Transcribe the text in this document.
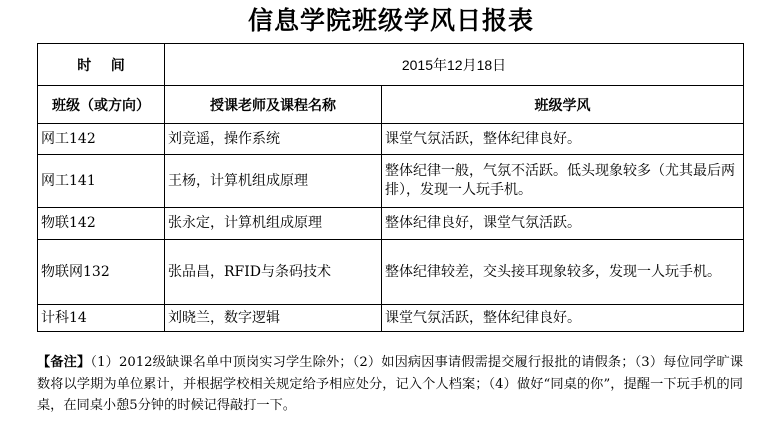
信息学院班级学风日报表
时    间	2015年12月18日	
班级（或方向）	授课老师及课程名称	班级学风
网工142	刘竞遥，操作系统	课堂气氛活跃，整体纪律良好。
网工141	王杨，计算机组成原理	整体纪律一般，气氛不活跃。低头现象较多（尤其最后两排），发现一人玩手机。
物联142	张永定，计算机组成原理	整体纪律良好，课堂气氛活跃。
物联网132	张品昌，RFID与条码技术	整体纪律较差，交头接耳现象较多，发现一人玩手机。
计科14	刘晓兰，数字逻辑	课堂气氛活跃，整体纪律良好。
【备注】（1）2012级缺课名单中顶岗实习学生除外；（2）如因病因事请假需提交履行报批的请假条；（3）每位同学旷课数将以学期为单位累计，并根据学校相关规定给予相应处分，记入个人档案；（4）做好“同桌的你”，提醒一下玩手机的同桌，在同桌小憩5分钟的时候记得敲打一下。
